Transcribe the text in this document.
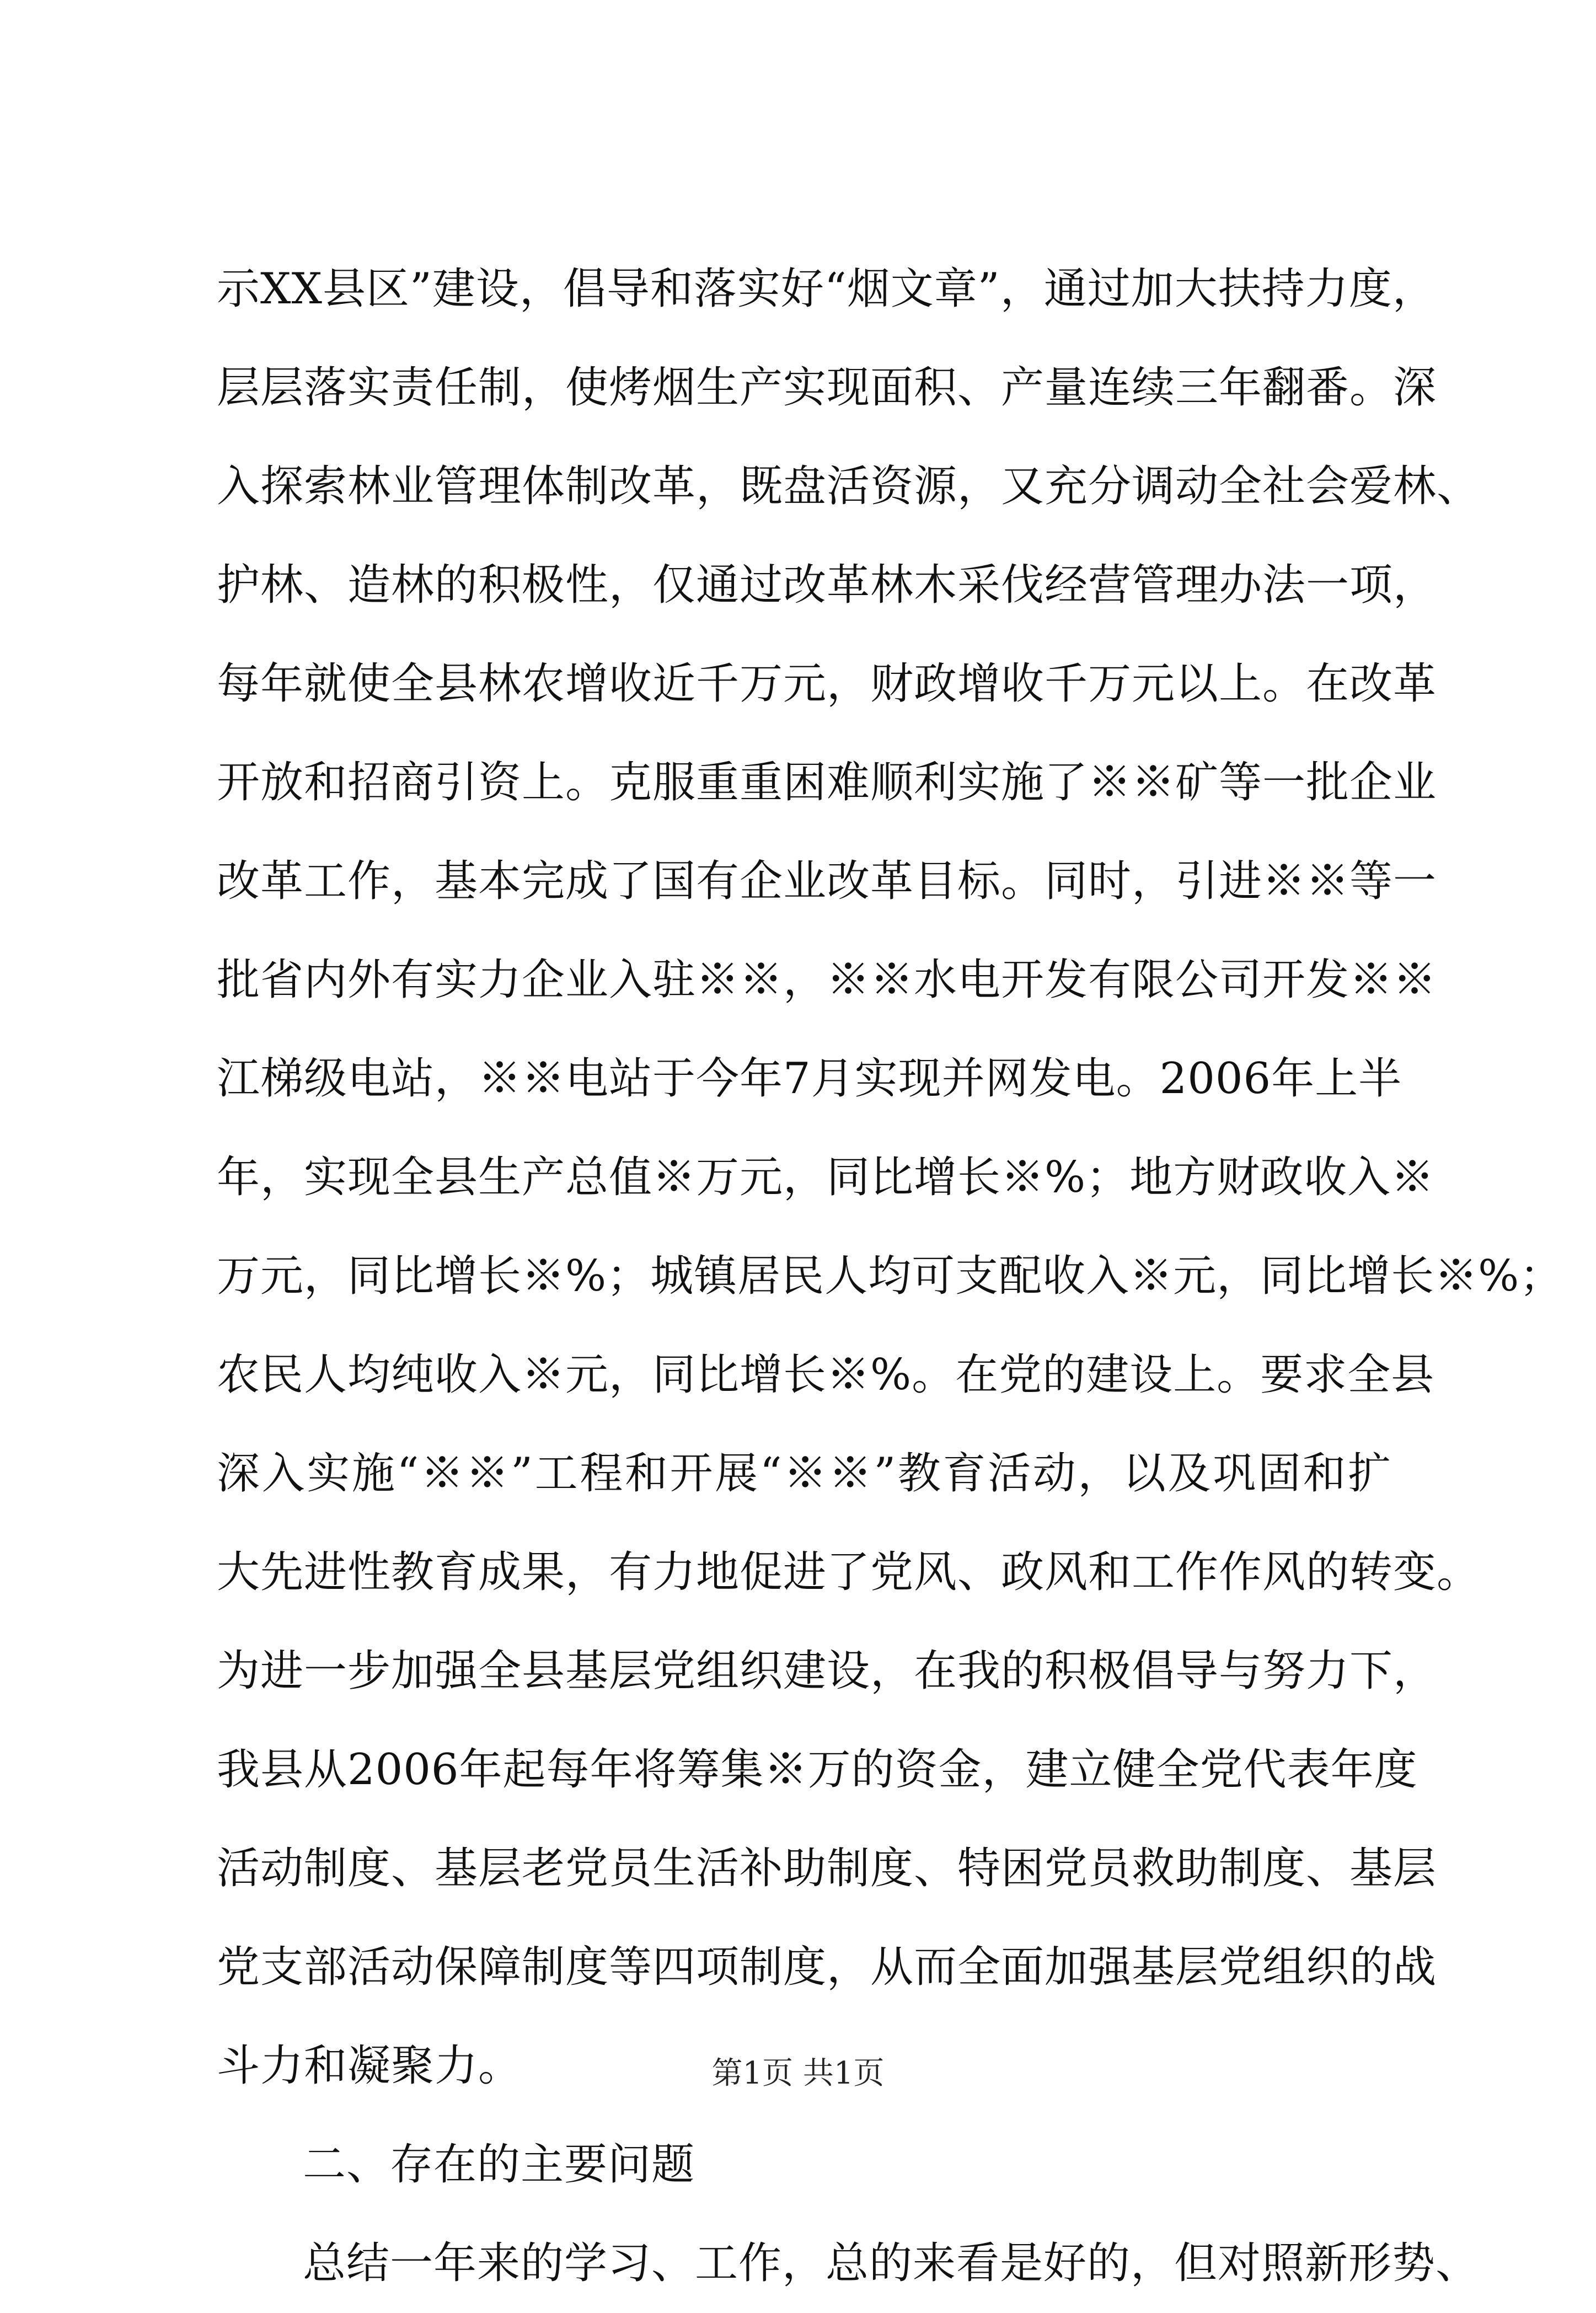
示XX县区”建设，倡导和落实好“烟文章”，通过加大扶持力度，
层层落实责任制，使烤烟生产实现面积、产量连续三年翻番。深
入探索林业管理体制改革，既盘活资源，又充分调动全社会爱林、
护林、造林的积极性，仅通过改革林木采伐经营管理办法一项，
每年就使全县林农增收近千万元，财政增收千万元以上。在改革
开放和招商引资上。克服重重困难顺利实施了※※矿等一批企业
改革工作，基本完成了国有企业改革目标。同时，引进※※等一
批省内外有实力企业入驻※※，※※水电开发有限公司开发※※
江梯级电站，※※电站于今年7月实现并网发电。2006年上半
年，实现全县生产总值※万元，同比增长※%；地方财政收入※
万元，同比增长※%；城镇居民人均可支配收入※元，同比增长※%；
农民人均纯收入※元，同比增长※%。在党的建设上。要求全县
深入实施“※※”工程和开展“※※”教育活动，以及巩固和扩
大先进性教育成果，有力地促进了党风、政风和工作作风的转变。
为进一步加强全县基层党组织建设，在我的积极倡导与努力下，
我县从2006年起每年将筹集※万的资金，建立健全党代表年度
活动制度、基层老党员生活补助制度、特困党员救助制度、基层
党支部活动保障制度等四项制度，从而全面加强基层党组织的战
斗力和凝聚力。
二、存在的主要问题
总结一年来的学习、工作，总的来看是好的，但对照新形势、
第1页 共1页
